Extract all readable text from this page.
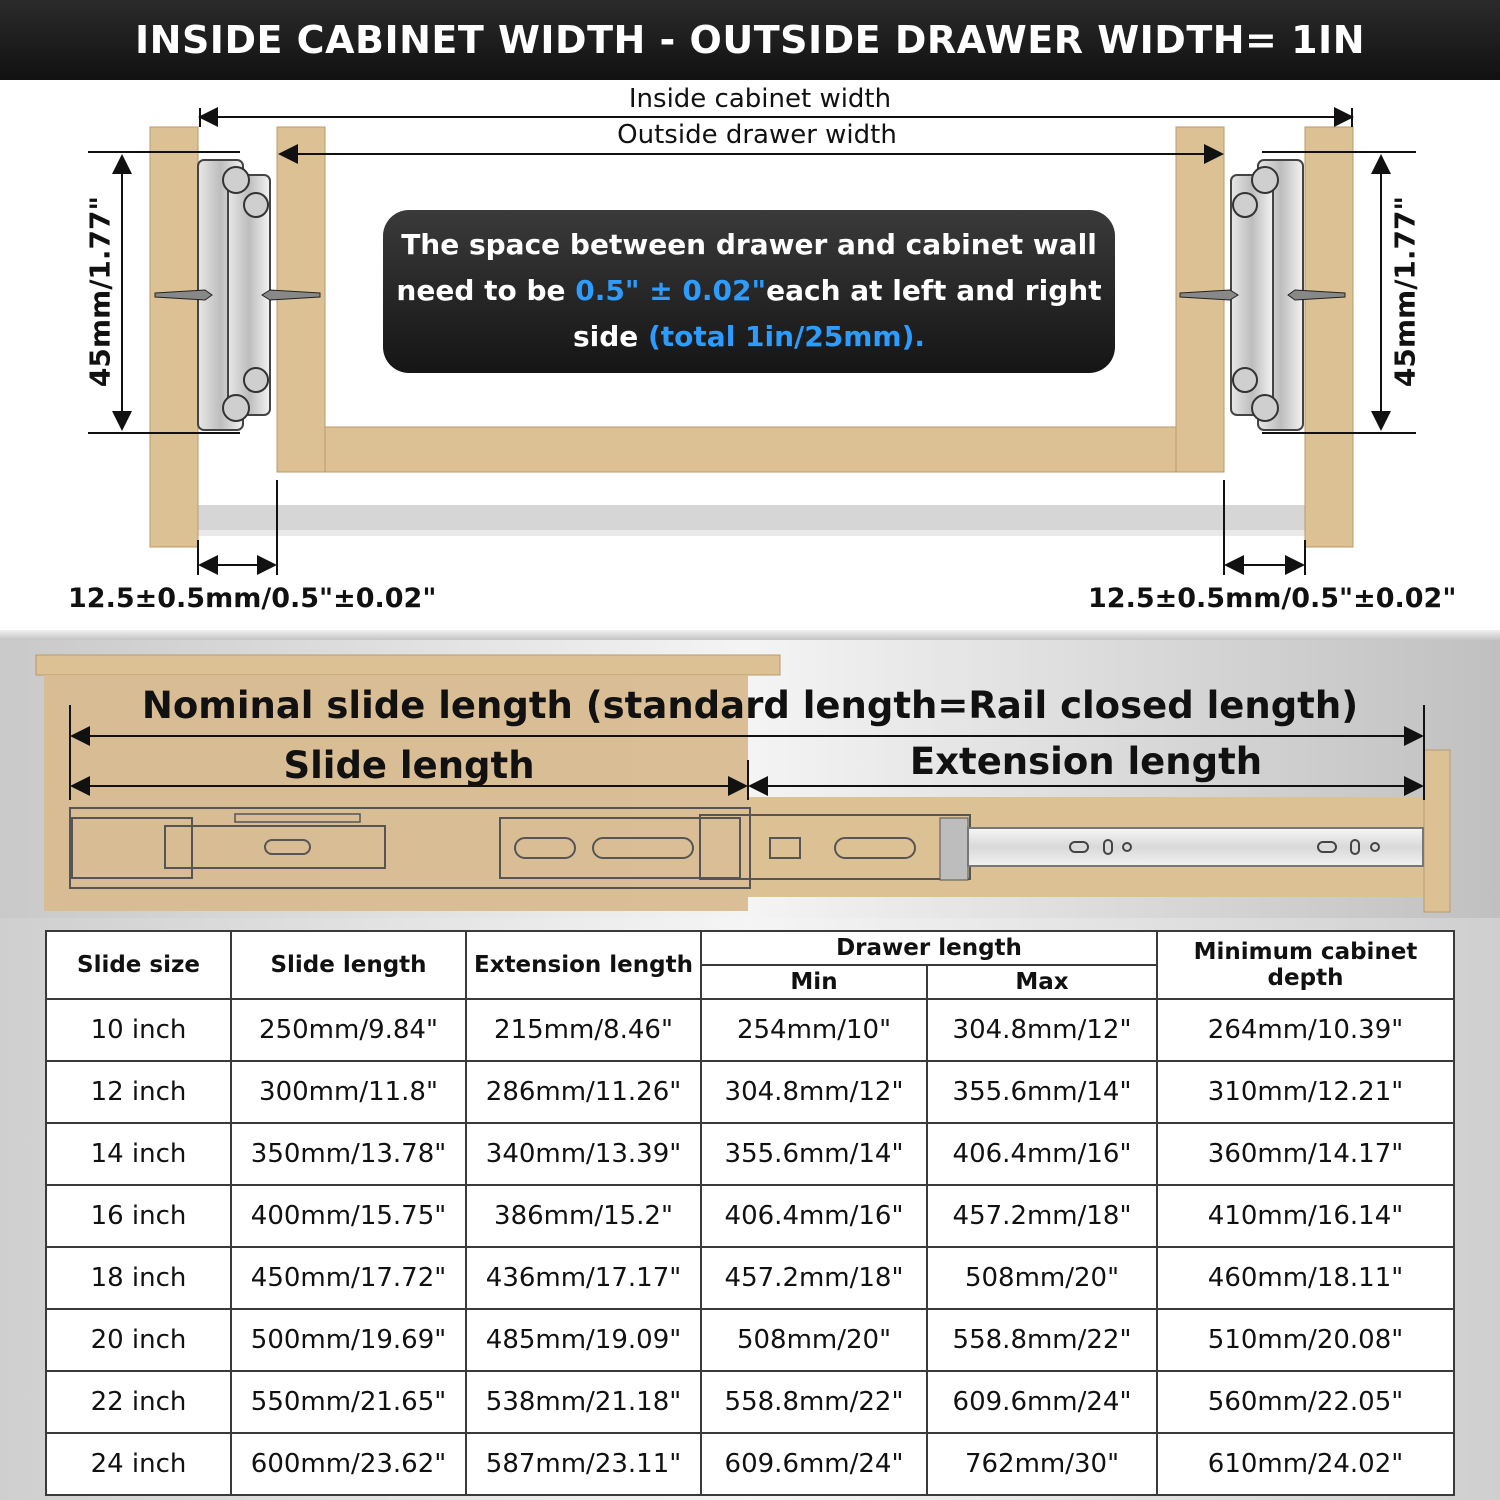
INSIDE CABINET WIDTH - OUTSIDE DRAWER WIDTH= 1IN
Inside cabinet width
Outside drawer width
45mm/1.77"	45mm/1.77"
The space between drawer and cabinet wall
need to be 0.5" ± 0.02"each at left and right
side (total 1in/25mm).
12.5±0.5mm/0.5"±0.02"	12.5±0.5mm/0.5"±0.02"
Nominal slide length (standard length=Rail closed length)
Slide length	Extension length
Slide size	Slide length	Extension length	Drawer length		Minimum cabinet depth
			Min	Max	
10 inch	250mm/9.84"	215mm/8.46"	254mm/10"	304.8mm/12"	264mm/10.39"
12 inch	300mm/11.8"	286mm/11.26"	304.8mm/12"	355.6mm/14"	310mm/12.21"
14 inch	350mm/13.78"	340mm/13.39"	355.6mm/14"	406.4mm/16"	360mm/14.17"
16 inch	400mm/15.75"	386mm/15.2"	406.4mm/16"	457.2mm/18"	410mm/16.14"
18 inch	450mm/17.72"	436mm/17.17"	457.2mm/18"	508mm/20"	460mm/18.11"
20 inch	500mm/19.69"	485mm/19.09"	508mm/20"	558.8mm/22"	510mm/20.08"
22 inch	550mm/21.65"	538mm/21.18"	558.8mm/22"	609.6mm/24"	560mm/22.05"
24 inch	600mm/23.62"	587mm/23.11"	609.6mm/24"	762mm/30"	610mm/24.02"
